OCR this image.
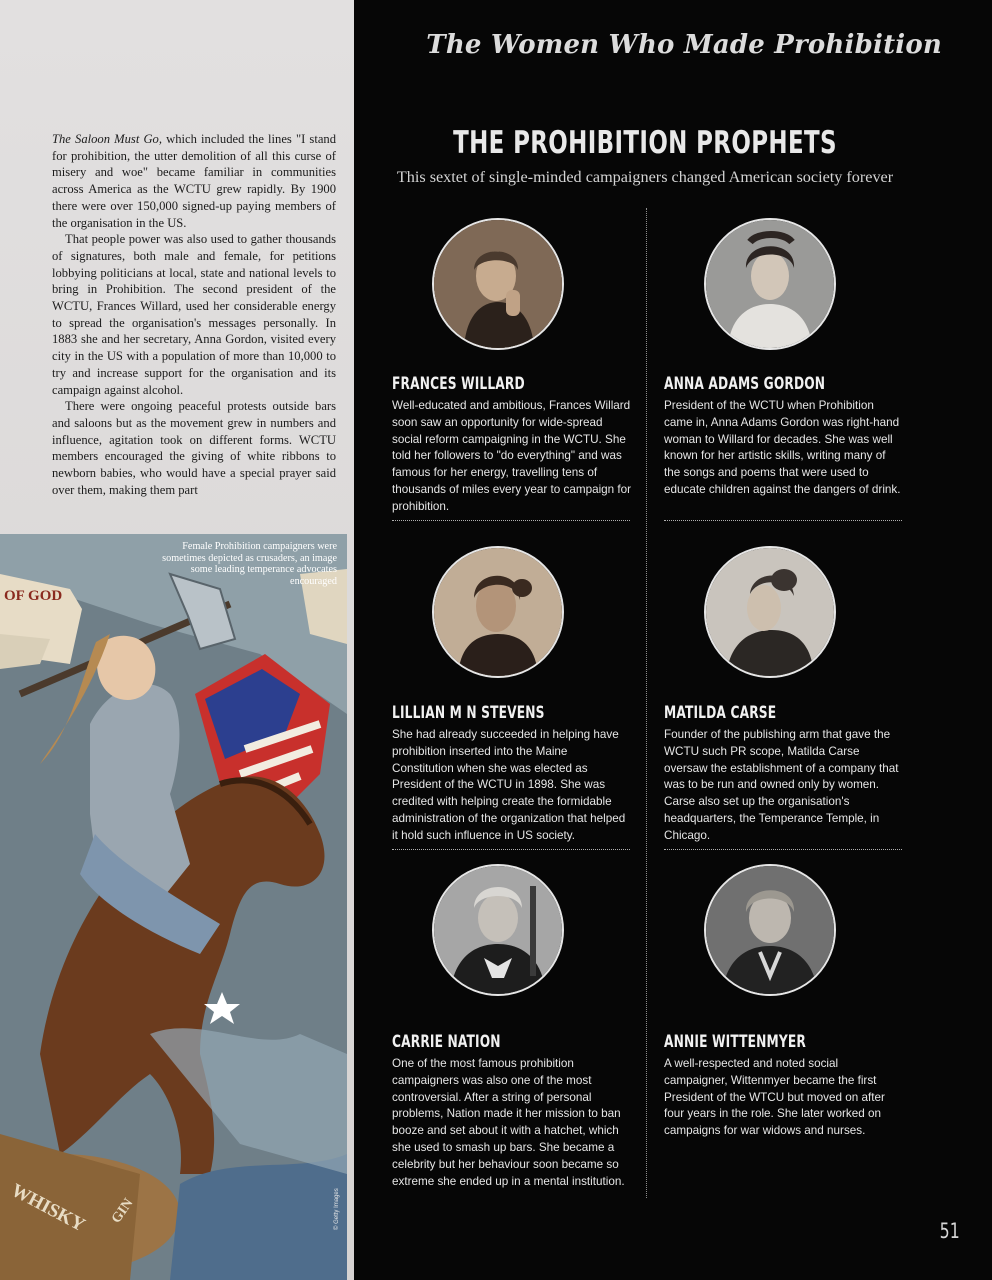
The Saloon Must Go, which included the lines "I stand for prohibition, the utter demolition of all this curse of misery and woe" became familiar in communities across America as the WCTU grew rapidly. By 1900 there were over 150,000 signed-up paying members of the organisation in the US.

That people power was also used to gather thousands of signatures, both male and female, for petitions lobbying politicians at local, state and national levels to bring in Prohibition. The second president of the WCTU, Frances Willard, used her considerable energy to spread the organisation's messages personally. In 1883 she and her secretary, Anna Gordon, visited every city in the US with a population of more than 10,000 to try and increase support for the organisation and its campaign against alcohol.

There were ongoing peaceful protests outside bars and saloons but as the movement grew in numbers and influence, agitation took on different forms. WCTU members encouraged the giving of white ribbons to newborn babies, who would have a special prayer said over them, making them part

OF GOD
WHISKY GIN
Female Prohibition campaigners were sometimes depicted as crusaders, an image some leading temperance advocates encouraged
© Getty Images
The Women Who Made Prohibition
THE PROHIBITION PROPHETS
This sextet of single-minded campaigners changed American society forever
FRANCES WILLARD
Well-educated and ambitious, Frances Willard soon saw an opportunity for wide-spread social reform campaigning in the WCTU. She told her followers to "do everything" and was famous for her energy, travelling tens of thousands of miles every year to campaign for prohibition.
ANNA ADAMS GORDON
President of the WCTU when Prohibition came in, Anna Adams Gordon was right-hand woman to Willard for decades. She was well known for her artistic skills, writing many of the songs and poems that were used to educate children against the dangers of drink.
LILLIAN M N STEVENS
She had already succeeded in helping have prohibition inserted into the Maine Constitution when she was elected as President of the WCTU in 1898. She was credited with helping create the formidable administration of the organization that helped it hold such influence in US society.
MATILDA CARSE
Founder of the publishing arm that gave the WCTU such PR scope, Matilda Carse oversaw the establishment of a company that was to be run and owned only by women. Carse also set up the organisation's headquarters, the Temperance Temple, in Chicago.
CARRIE NATION
One of the most famous prohibition campaigners was also one of the most controversial. After a string of personal problems, Nation made it her mission to ban booze and set about it with a hatchet, which she used to smash up bars. She became a celebrity but her behaviour soon became so extreme she ended up in a mental institution.
ANNIE WITTENMYER
A well-respected and noted social campaigner, Wittenmyer became the first President of the WTCU but moved on after four years in the role. She later worked on campaigns for war widows and nurses.
51
